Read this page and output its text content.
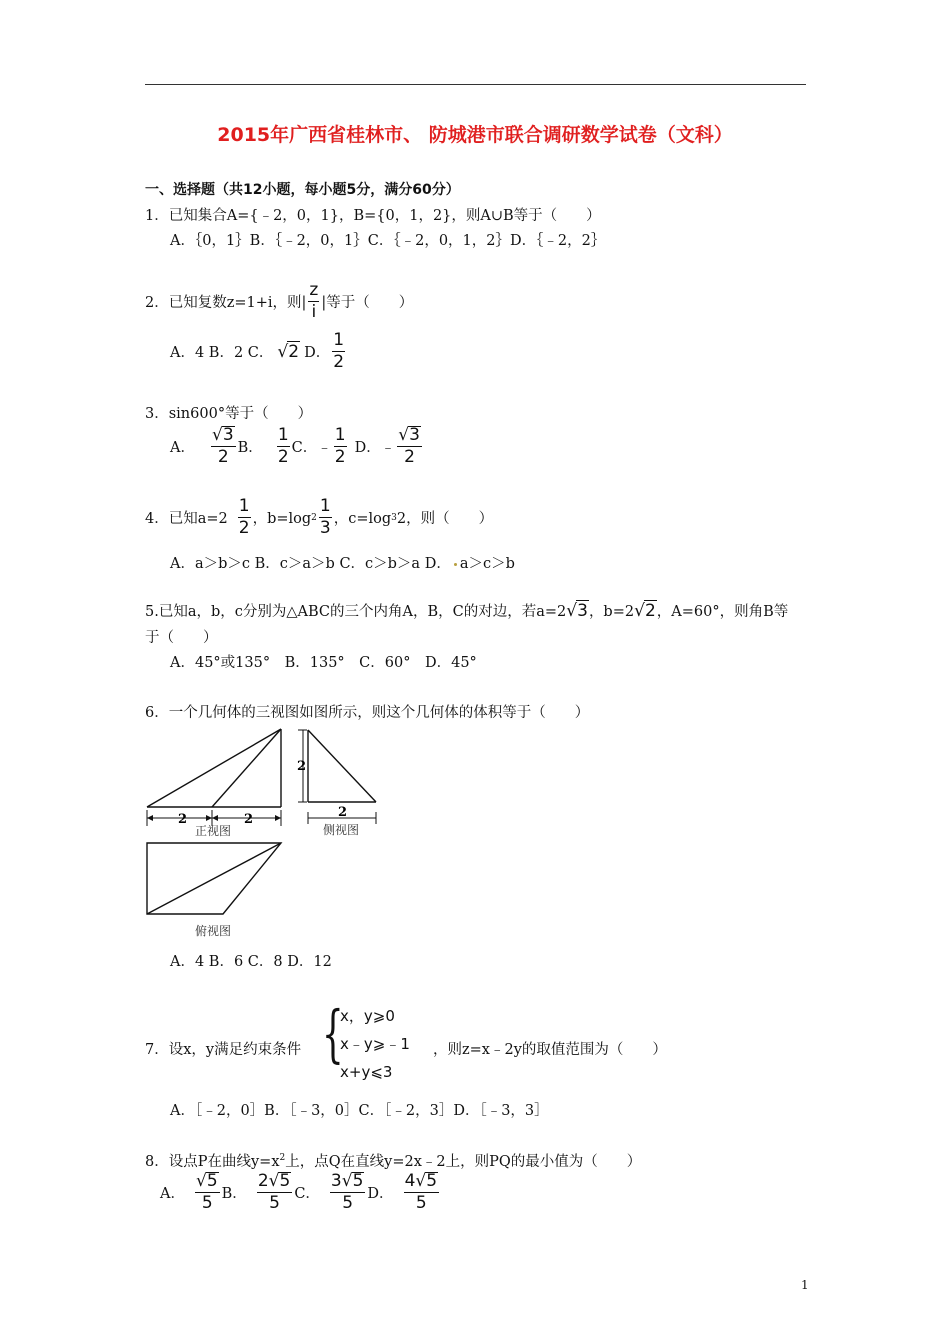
2015年广西省桂林市、 防城港市联合调研数学试卷（文科）
一、选择题（共12小题，每小题5分，满分60分）
1．已知集合A={﹣2，0，1}，B={0，1，2}，则A∪B等于（　　）
A．｛0，1｝B．｛﹣2，0，1｝C．｛﹣2，0，1，2｝D．｛﹣2，2｝
2．已知复数z=1+i，则| $\frac{z}{i}$ |等于（　　）
A．4 B．2 C． √2 D． $\frac{1}{2}$
3．sin600°等于（　　）
A． $\frac{√3}{2}$ B． $\frac{1}{2}$ C．﹣ $\frac{1}{2}$ D．﹣ $\frac{√3}{2}$
4．已知$a=2 \frac{1}{2}$ ，b=log $2 \frac{1}{3}$ ，c=log 3 2，则（　　）
A．a＞b＞c B．c＞a＞b C．c＞b＞a D． a＞c＞b
5.已知a，b，c分别为△ABC的三个内角A，B，C的对边，若a=2 √3 ，b=2 √2 ，A=60°，则角B等
于（　　）
A．45°或135°　B．135°　C．60°　D．45°
6．一个几何体的三视图如图所示，则这个几何体的体积等于（　　）
2	2
2
2
正视图	侧视图
俯视图
A．4 B．6 C．8 D．12
7．设x，y满足约束条件 {
x，y⩾0
x﹣y⩾﹣1
x+y⩽3
，则z=x﹣2y的取值范围为（　　）
A．［﹣2，0］B．［﹣3，0］C．［﹣2，3］D．［﹣3，3］
8．设点P在曲线$y=x^2$上，点Q在直线y=2x﹣2上，则PQ的最小值为（　　）
A． $\frac{√5}{5}$ B． $\frac{2√5}{5}$ C． $\frac{3√5}{5}$ D． $\frac{4√5}{5}$
1
